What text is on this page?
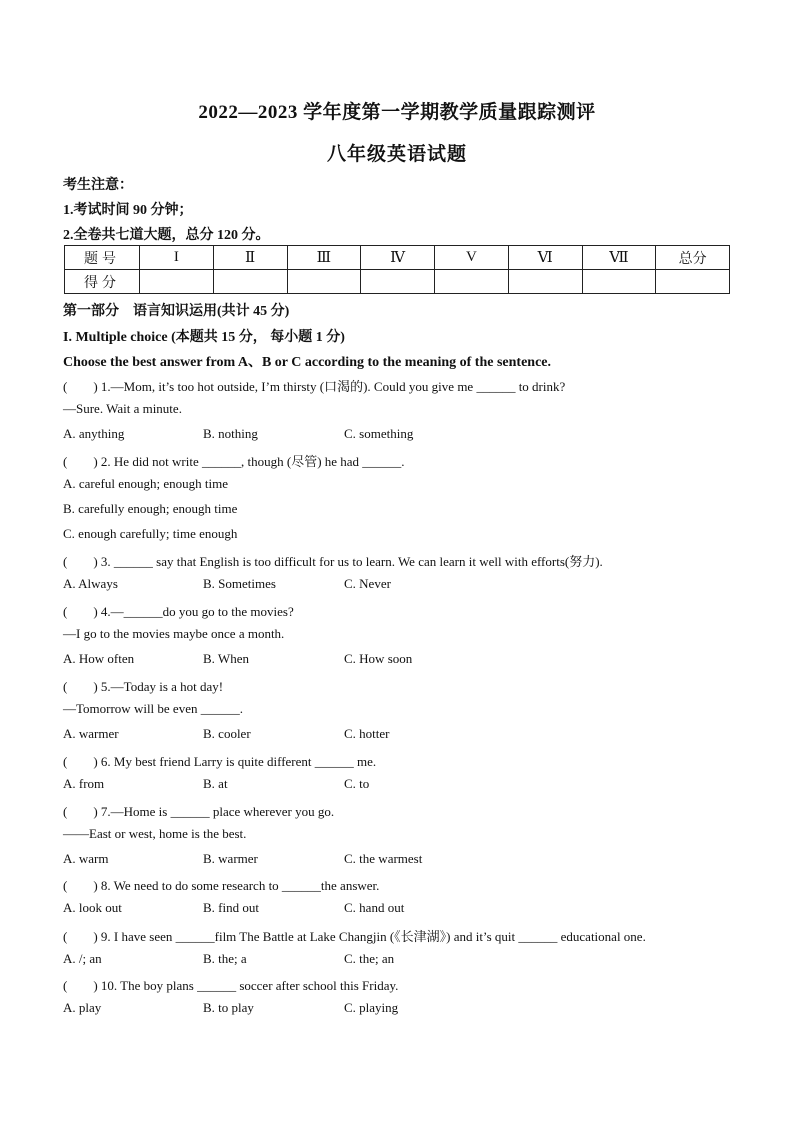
2022—2023 学年度第一学期教学质量跟踪测评
八年级英语试题
考生注意：
1.考试时间 90 分钟；
2.全卷共七道大题，总分 120 分。
题号	I	Ⅱ	Ⅲ	Ⅳ	V	Ⅵ	Ⅶ	总分
得分								
第一部分　语言知识运用(共计 45 分)
I. Multiple choice (本题共 15 分， 每小题 1 分)
Choose the best answer from A、B or C according to the meaning of the sentence.
(　　) 1.—Mom, it’s too hot outside, I’m thirsty (口渴的). Could you give me ______ to drink?
—Sure. Wait a minute.
A. anything	B. nothing	C. something
(　　) 2. He did not write ______, though (尽管) he had ______.
A. careful enough; enough time
B. carefully enough; enough time
C. enough carefully; time enough
(　　) 3. ______ say that English is too difficult for us to learn. We can learn it well with efforts(努力).
A. Always	B. Sometimes	C. Never
(　　) 4.—______do you go to the movies?
—I go to the movies maybe once a month.
A. How often	B. When	C. How soon
(　　) 5.—Today is a hot day!
—Tomorrow will be even ______.
A. warmer	B. cooler	C. hotter
(　　) 6. My best friend Larry is quite different ______ me.
A. from	B. at	C. to
(　　) 7.—Home is ______ place wherever you go.
——East or west, home is the best.
A. warm	B. warmer	C. the warmest
(　　) 8. We need to do some research to ______the answer.
A. look out	B. find out	C. hand out
(　　) 9. I have seen ______film The Battle at Lake Changjin (《长津湖》) and it’s quit ______ educational one.
A. /; an	B. the; a	C. the; an
(　　) 10. The boy plans ______ soccer after school this Friday.
A. play	B. to play	C. playing
